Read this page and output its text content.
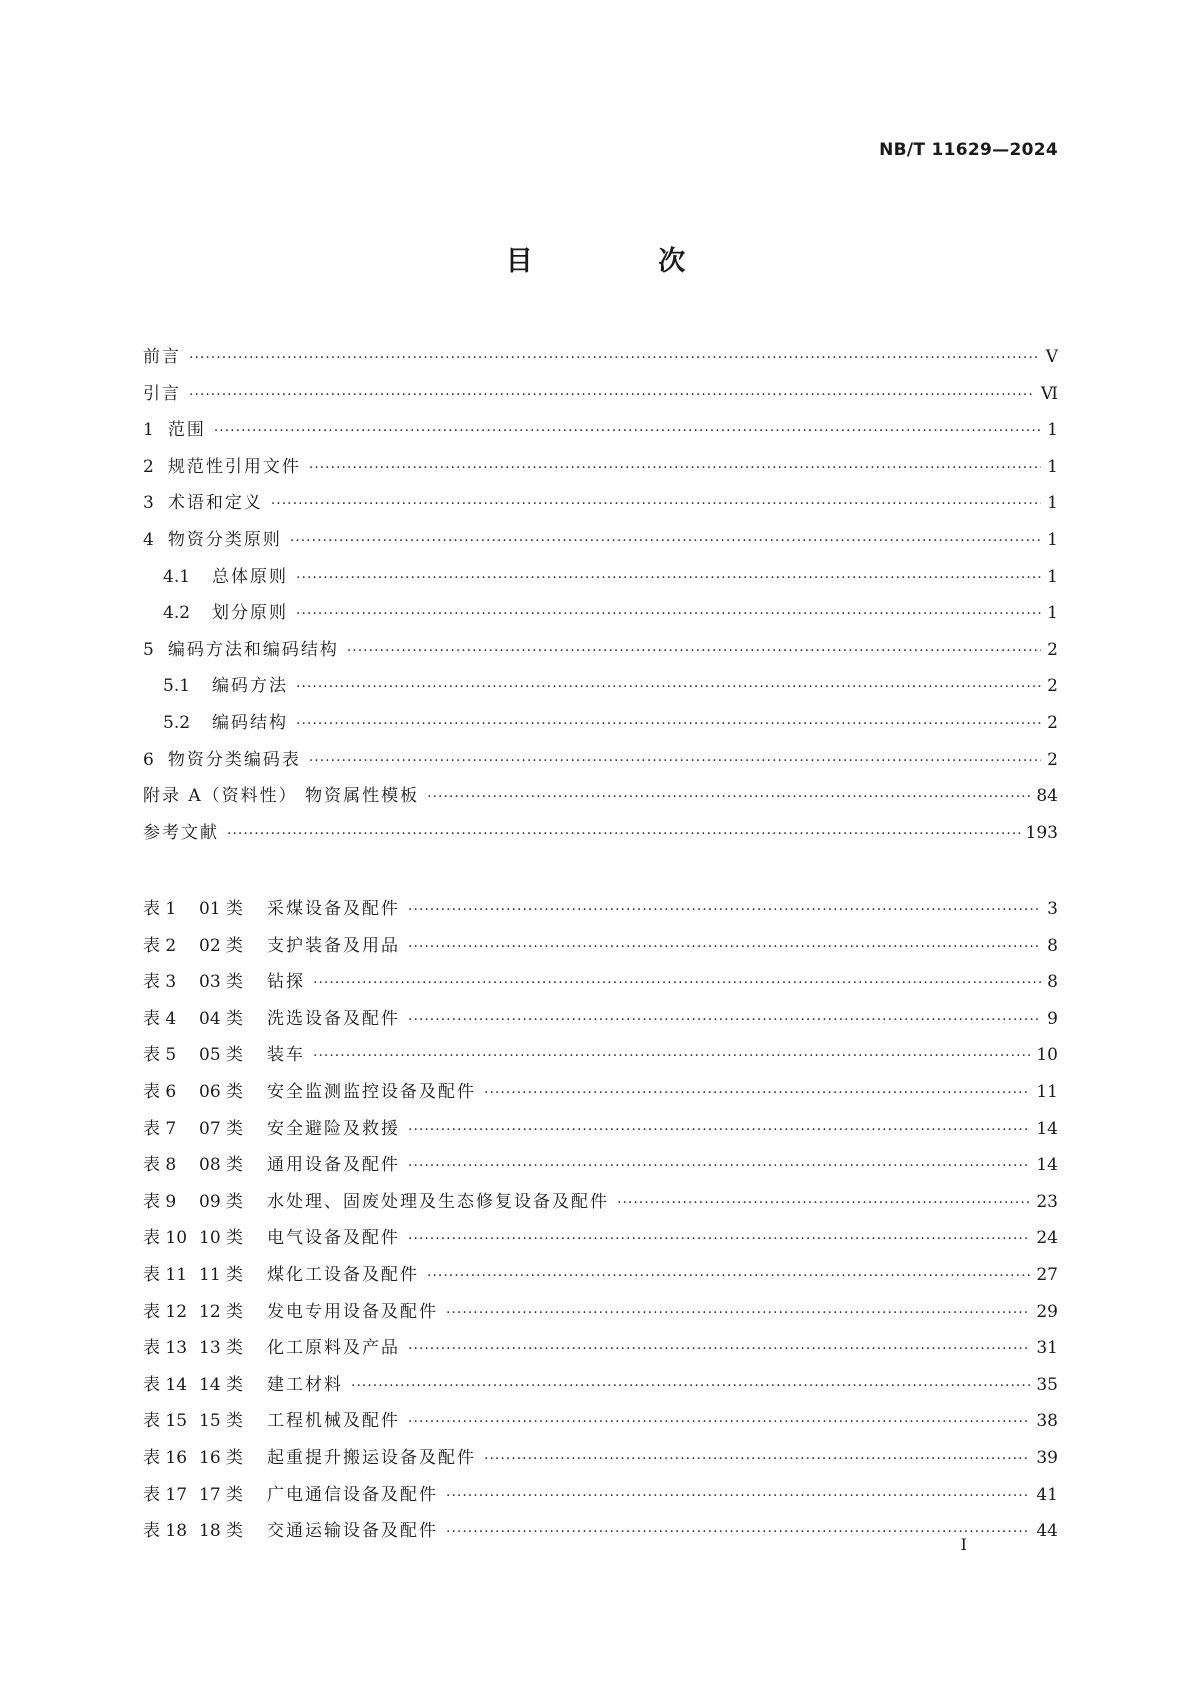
NB/T 11629—2024
目 次
前言 ·····	Ⅴ
引言 ·····	Ⅵ
1 范围 ·····	1
2 规范性引用文件 ·····	1
3 术语和定义 ·····	1
4 物资分类原则 ·····	1
4.1 总体原则 ·····	1
4.2 划分原则 ·····	1
5 编码方法和编码结构 ·····	2
5.1 编码方法 ·····	2
5.2 编码结构 ·····	2
6 物资分类编码表 ·····	2
附录 A（资料性） 物资属性模板 ·····	84
参考文献 ·····	193
表 1	01 类	采煤设备及配件 ·····	3
表 2	02 类	支护装备及用品 ·····	8
表 3	03 类	钻探 ·····	8
表 4	04 类	洗选设备及配件 ·····	9
表 5	05 类	装车 ·····	10
表 6	06 类	安全监测监控设备及配件 ·····	11
表 7	07 类	安全避险及救援 ·····	14
表 8	08 类	通用设备及配件 ·····	14
表 9	09 类	水处理、固废处理及生态修复设备及配件 ·····	23
表 10 10 类	电气设备及配件 ·····	24
表 11 11 类	煤化工设备及配件 ·····	27
表 12 12 类	发电专用设备及配件 ·····	29
表 13 13 类	化工原料及产品 ·····	31
表 14 14 类	建工材料 ·····	35
表 15 15 类	工程机械及配件 ·····	38
表 16 16 类	起重提升搬运设备及配件 ·····	39
表 17 17 类	广电通信设备及配件 ·····	41
表 18 18 类	交通运输设备及配件 ·····	44
Ⅰ
